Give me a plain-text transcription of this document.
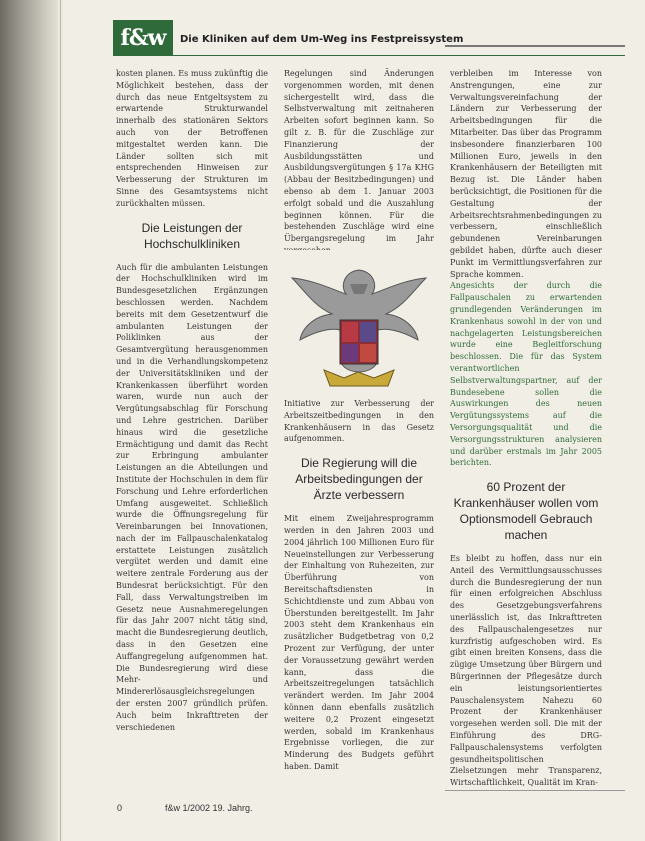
f&w	Die Kliniken auf dem Um-Weg ins Festpreissystem

kosten planen. Es muss zukünftig die Möglichkeit bestehen, dass der durch das neue Entgeltsystem zu erwartende Strukturwandel innerhalb des stationären Sektors auch von der Betroffenen mitgestaltet werden kann. Die Länder sollten sich mit entsprechenden Hinweisen zur Verbesserung der Strukturen im Sinne des Gesamtsystems nicht zurückhalten müssen.

Die Leistungen der Hochschulkliniken

Auch für die ambulanten Leistungen der Hochschulkliniken wird im Bundesgesetzlichen Ergänzungen beschlossen werden. Nachdem bereits mit dem Gesetzentwurf die ambulanten Leistungen der Poliklinken aus der Gesamtvergütung herausgenommen und in die Verhandlungskompetenz der Universitätskliniken und der Krankenkassen überführt worden waren, wurde nun auch der Vergütungsabschlag für Forschung und Lehre gestrichen. Darüber hinaus wird die gesetzliche Ermächtigung und damit das Recht zur Erbringung ambulanter Leistungen an die Abteilungen und Institute der Hochschulen in dem für Forschung und Lehre erforderlichen Umfang ausgeweitet. Schließlich wurde die Öffnungsregelung für Vereinbarungen bei Innovationen, nach der im Fallpauschalenkatalog erstattete Leistungen zusätzlich vergütet werden und damit eine weitere zentrale Forderung aus der Bundesrat berücksichtigt. Für den Fall, dass Verwaltungstreiben im Gesetz neue Ausnahmeregelungen für das Jahr 2007 nicht tätig sind, macht die Bundesregierung deutlich, dass in den Gesetzen eine Auffangregelung aufgenommen hat. Die Bundesregierung wird diese Mehr- und Mindererlösausgleichsregelungen der ersten 2007 gründlich prüfen. Auch beim Inkrafttreten der verschiedenen

Regelungen sind Änderungen vorgenommen worden, mit denen sichergestellt wird, dass die Selbstverwaltung mit zeitnaheren Arbeiten sofort beginnen kann. So gilt z. B. für die Zuschläge zur Finanzierung der Ausbildungsstätten und Ausbildungsvergütungen § 17a KHG (Abbau der Besitzbedingungen) und ebenso ab dem 1. Januar 2003 erfolgt sobald und die Auszahlung beginnen können. Für die bestehenden Zuschläge wird eine Übergangsregelung im Jahr

Initiative zur Verbesserung der Arbeitszeitbedingungen in den Krankenhäusern in das Gesetz aufgenommen.

Die Regierung will die Arbeitsbedingungen der Ärzte verbessern

Mit einem Zweijahresprogramm werden in den Jahren 2003 und 2004 jährlich 100 Millionen Euro für Neueinstellungen zur Verbesserung der Einhaltung von Ruhezeiten, zur Überführung von Bereitschaftsdiensten in Schichtdienste und zum Abbau von Überstunden bereitgestellt. Im Jahr 2003 steht dem Krankenhaus ein zusätzlicher Budgetbetrag von 0,2 Prozent zur Verfügung, der unter der Voraussetzung gewährt werden kann, dass die Arbeitszeitregelungen tatsächlich verändert werden. Im Jahr 2004 können dann ebenfalls zusätzlich weitere 0,2 Prozent eingesetzt werden, sobald im Krankenhaus Ergebnisse vorliegen, die zur Minderung des Budgets geführt haben. Damit

verbleiben im Interesse von Anstrengungen, eine zur Verwaltungsvereinfachung der Ländern zur Verbesserung der Arbeitsbedingungen für die Mitarbeiter. Das über das Programm insbesondere finanzierbaren 100 Millionen Euro, jeweils in den Krankenhäusern der Beteiligten mit Bezug ist. Die Länder haben berücksichtigt, die Positionen für die Gestaltung der Arbeitsrechtsrahmenbedingungen zu verbessern, einschließlich gebundenen Vereinbarungen gebildet haben, dürfte auch dieser Punkt im Vermittlungsverfahren zur Sprache kommen.

Angesichts der durch die Fallpauschalen zu erwartenden grundlegenden Veränderungen im Krankenhaus sowohl in der von und nachgelagerten Leistungsbereichen wurde eine Begleitforschung beschlossen. Die für das System verantwortlichen Selbstverwaltungspartner, auf der Bundesebene sollen die Auswirkungen des neuen Vergütungssystems auf die Versorgungsqualität und die Versorgungsstrukturen analysieren und darüber erstmals im Jahr 2005 berichten.

60 Prozent der Krankenhäuser wollen vom Optionsmodell Gebrauch machen

Es bleibt zu hoffen, dass nur ein Anteil des Vermittlungsausschusses durch die Bundesregierung der nun für einen erfolgreichen Abschluss des Gesetzgebungsverfahrens unerlässlich ist, das Inkrafttreten des Fallpauschalengesetzes nur kurzfristig aufgeschoben wird. Es gibt einen breiten Konsens, dass die zügige Umsetzung über Bürgern und Bürgerinnen der Pflegesätze durch ein leistungsorientiertes Pauschalensystem Nahezu 60 Prozent der Krankenhäuser vorgesehen werden soll. Die mit der Einführung des DRG-Fallpauschalensystems verfolgten gesundheitspolitischen Zielsetzungen mehr Transparenz, Wirtschaftlichkeit, Qualität im Kran-

0	f&w 1/2002 19. Jahrg.
